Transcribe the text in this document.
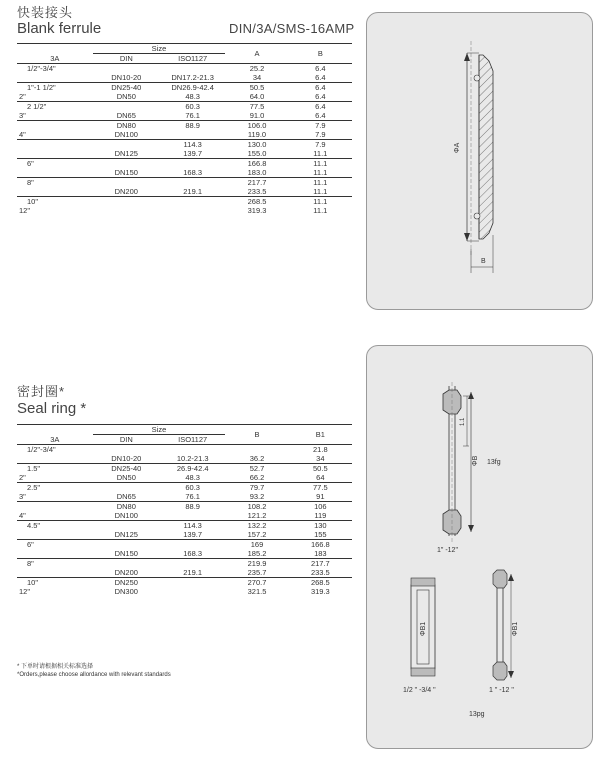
快装接头
Blank ferrule	DIN/3A/SMS-16AMP
	Size		A	B
3A	DIN	ISO1127		
1/2"-3/4"			25.2	6.4
	DN10-20	DN17.2-21.3	34	6.4
1"-1 1/2"	DN25-40	DN26.9-42.4	50.5	6.4
2"	DN50	48.3	64.0	6.4
2 1/2"		60.3	77.5	6.4
3"	DN65	76.1	91.0	6.4
	DN80	88.9	106.0	7.9
4"	DN100		119.0	7.9
		114.3	130.0	7.9
	DN125	139.7	155.0	11.1
6"			166.8	11.1
	DN150	168.3	183.0	11.1
8"			217.7	11.1
	DN200	219.1	233.5	11.1
10"			268.5	11.1
12"			319.3	11.1
ΦA
B
密封圈*
Seal ring *
	Size		B	B1
3A	DIN	ISO1127		
1/2"-3/4"				21.8
	DN10-20	10.2-21.3	36.2	34
1.5"	DN25-40	26.9-42.4	52.7	50.5
2"	DN50	48.3	66.2	64
2.5"		60.3	79.7	77.5
3"	DN65	76.1	93.2	91
	DN80	88.9	108.2	106
4"	DN100		121.2	119
4.5"		114.3	132.2	130
	DN125	139.7	157.2	155
6"			169	166.8
	DN150	168.3	185.2	183
8"			219.9	217.7
	DN200	219.1	235.7	233.5
10"	DN250		270.7	268.5
12"	DN300		321.5	319.3
* 下单时请根据相关标准选择
*Orders,please choose allordance with relevant standards
1.1
ΦB 13fg
1" -12"
ΦB1
1/2 " -3/4 "
ΦB1
1 " -12 "
13pg
